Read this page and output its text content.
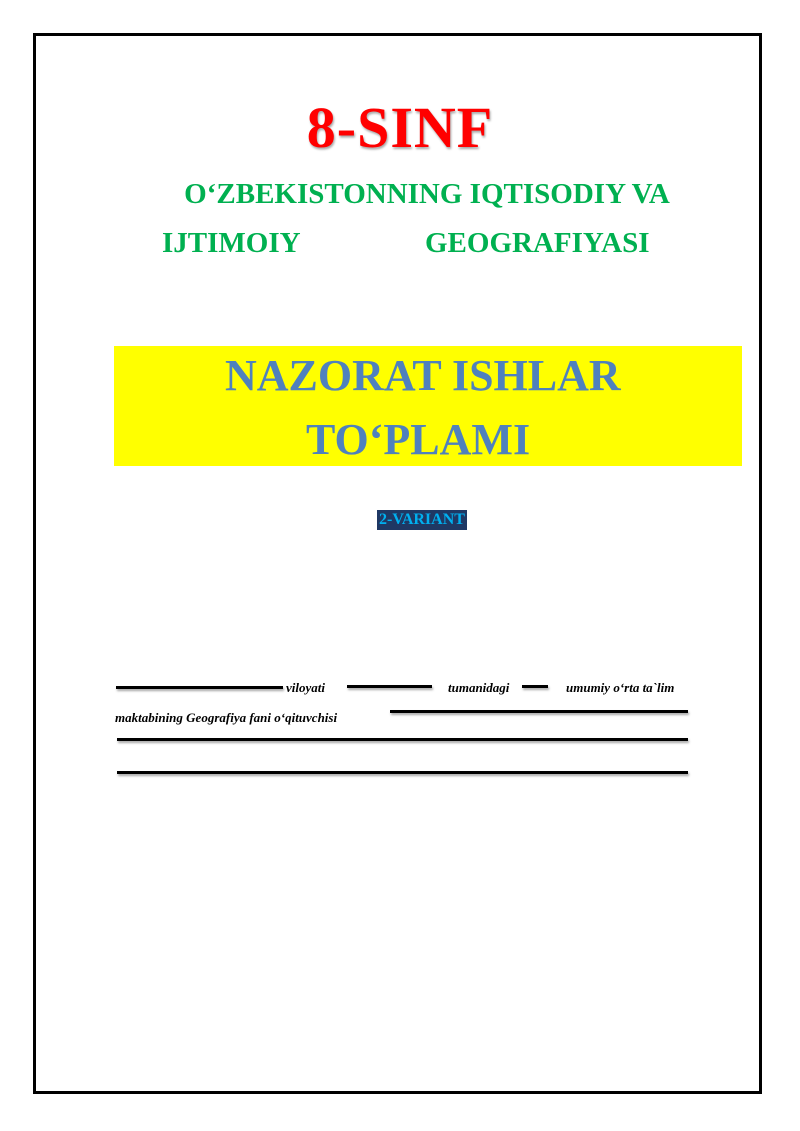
8-SINF
O‘ZBEKISTONNING IQTISODIY VA
IJTIMOIY	GEOGRAFIYASI
NAZORAT ISHLAR
TO‘PLAMI
2-VARIANT
viloyati	tumanidagi	umumiy o‘rta ta`lim
maktabining Geografiya fani o‘qituvchisi
